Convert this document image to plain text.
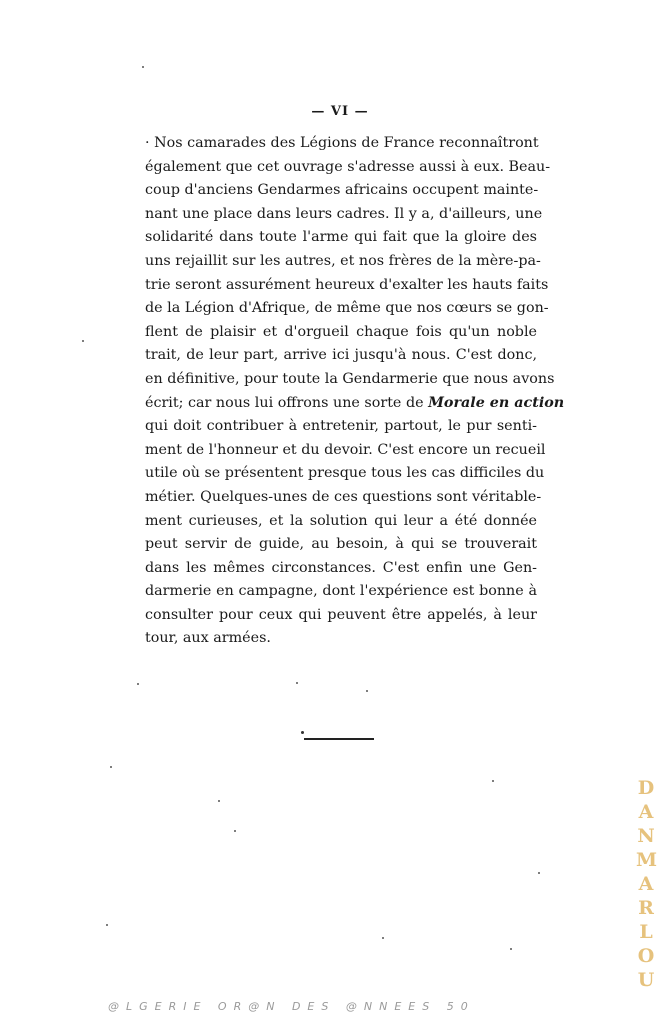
— VI —
· Nos camarades des Légions de France reconnaîtront
également que cet ouvrage s'adresse aussi à eux. Beau-
coup d'anciens Gendarmes africains occupent mainte-
nant une place dans leurs cadres. Il y a, d'ailleurs, une
solidarité dans toute l'arme qui fait que la gloire des
uns rejaillit sur les autres, et nos frères de la mère-pa-
trie seront assurément heureux d'exalter les hauts faits
de la Légion d'Afrique, de même que nos cœurs se gon-
flent de plaisir et d'orgueil chaque fois qu'un noble
trait, de leur part, arrive ici jusqu'à nous. C'est donc,
en définitive, pour toute la Gendarmerie que nous avons
écrit; car nous lui offrons une sorte de Morale en action
qui doit contribuer à entretenir, partout, le pur senti-
ment de l'honneur et du devoir. C'est encore un recueil
utile où se présentent presque tous les cas difficiles du
métier. Quelques-unes de ces questions sont véritable-
ment curieuses, et la solution qui leur a été donnée
peut servir de guide, au besoin, à qui se trouverait
dans les mêmes circonstances. C'est enfin une Gen-
darmerie en campagne, dont l'expérience est bonne à
consulter pour ceux qui peuvent être appelés, à leur
tour, aux armées.
D
A
N
M
A
R
L
O
U
@LGERIE OR@N DES @NNEES 50
